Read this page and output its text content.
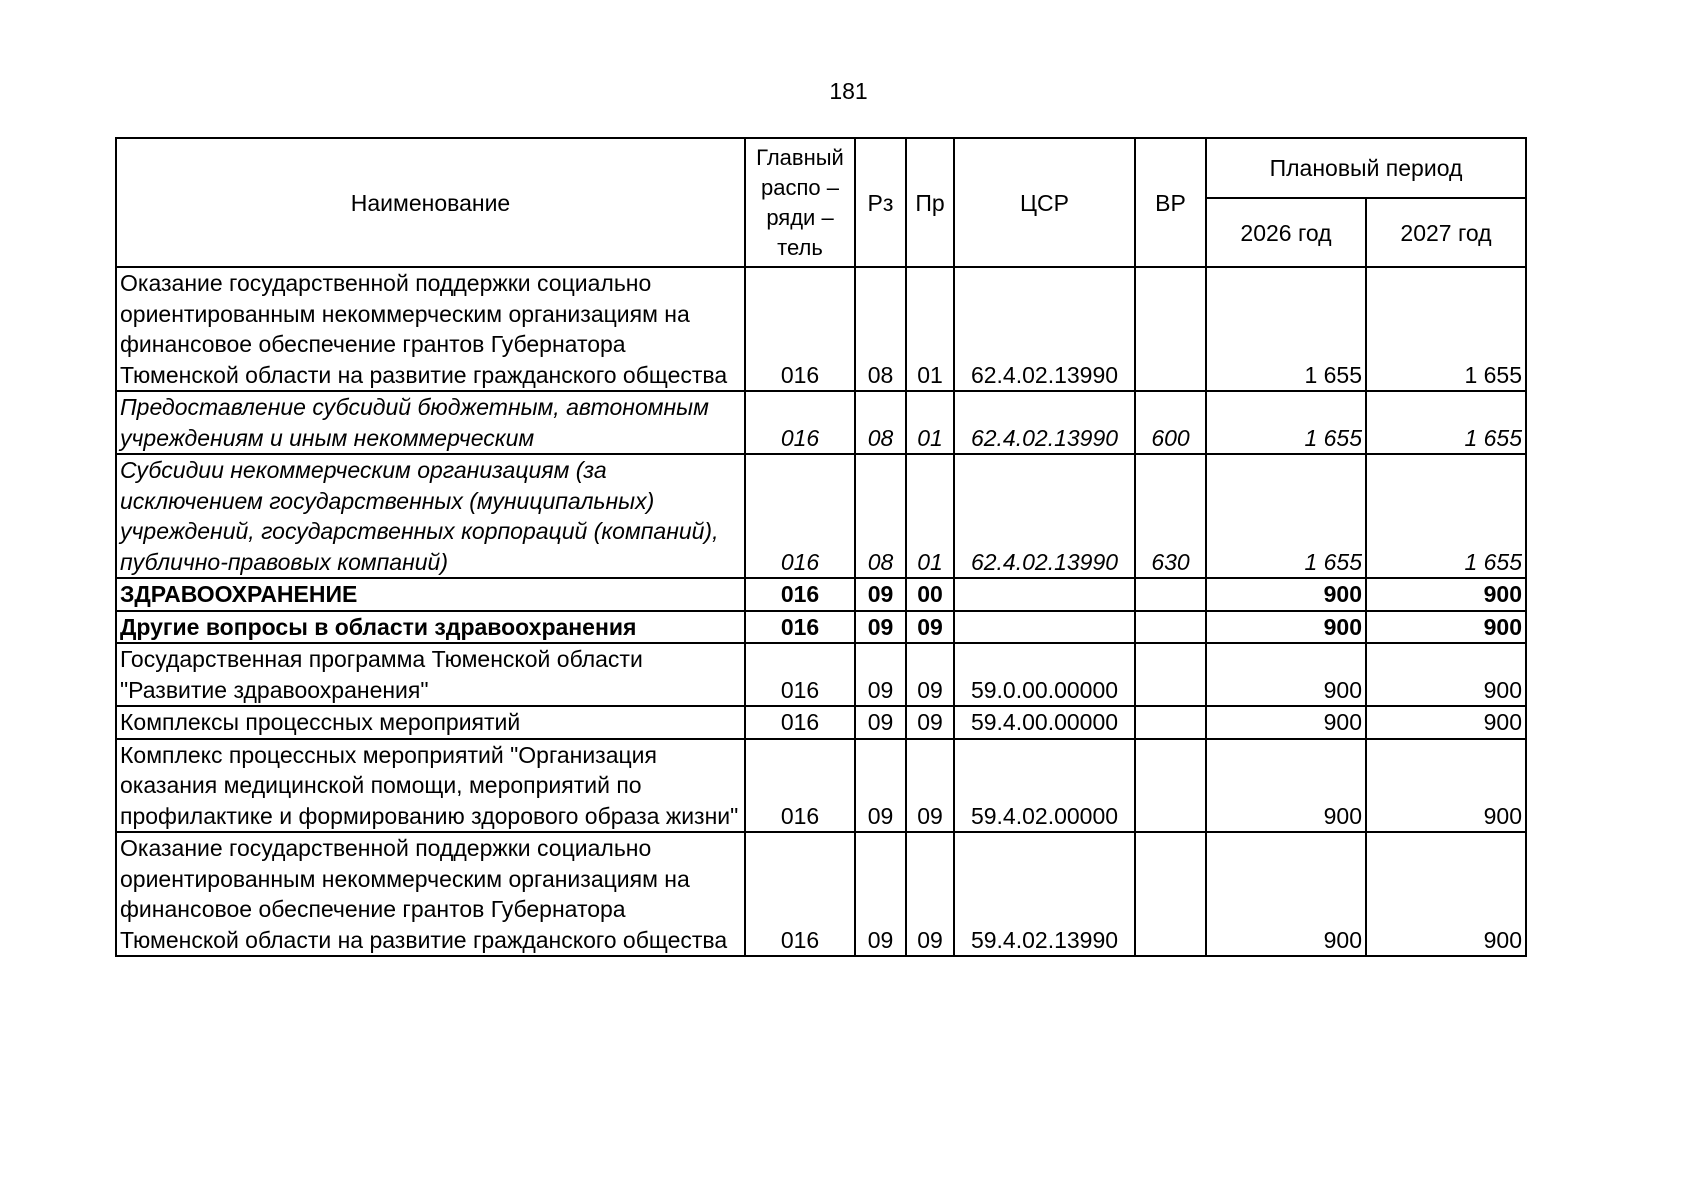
181
Наименование	Главный
распо –
ряди –
тель	Рз	Пр	ЦСР	ВР	Плановый период	
						2026 год	2027 год
Оказание государственной поддержки социально ориентированным некоммерческим организациям на финансовое обеспечение грантов Губернатора Тюменской области на развитие гражданского общества	016	08	01	62.4.02.13990		1 655	1 655
Предоставление субсидий бюджетным, автономным учреждениям и иным некоммерческим	016	08	01	62.4.02.13990	600	1 655	1 655
Субсидии некоммерческим организациям (за исключением государственных (муниципальных) учреждений, государственных корпораций (компаний), публично-правовых компаний)	016	08	01	62.4.02.13990	630	1 655	1 655
ЗДРАВООХРАНЕНИЕ	016	09	00			900	900
Другие вопросы в области здравоохранения	016	09	09			900	900
Государственная программа Тюменской области "Развитие здравоохранения"	016	09	09	59.0.00.00000		900	900
Комплексы процессных мероприятий	016	09	09	59.4.00.00000		900	900
Комплекс процессных мероприятий "Организация оказания медицинской помощи, мероприятий по профилактике и формированию здорового образа жизни"	016	09	09	59.4.02.00000		900	900
Оказание государственной поддержки социально ориентированным некоммерческим организациям на финансовое обеспечение грантов Губернатора Тюменской области на развитие гражданского общества	016	09	09	59.4.02.13990		900	900
